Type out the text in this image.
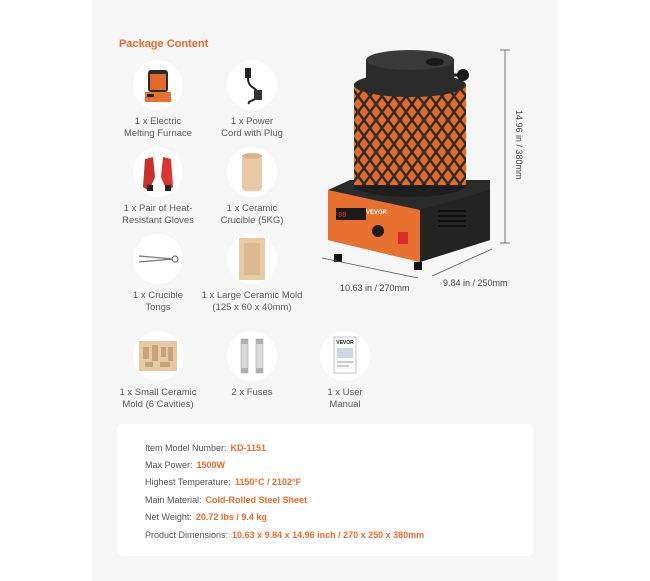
Package Content
1 x Electric
Melting Furnace
1 x Power
Cord with Plug
1 x Pair of Heat-
Resistant Gloves
1 x Ceramic
Crucible (5KG)
1 x Crucible
Tongs
1 x Large Ceramic Mold
(125 x 60 x 40mm)
1 x Small Ceramic
Mold (6 Cavities)
2 x Fuses
VEVOR
1 x User
Manual
88	VEVOR
14.96 in / 380mm
10.63 in / 270mm	9.84 in / 250mm
Item Model Number: KD-1151
Max Power: 1500W
Highest Temperature: 1150°C / 2102°F
Main Material: Cold-Rolled Steel Sheet
Net Weight: 20.72 lbs / 9.4 kg
Product Dimensions: 10.63 x 9.84 x 14.96 inch / 270 x 250 x 380mm
